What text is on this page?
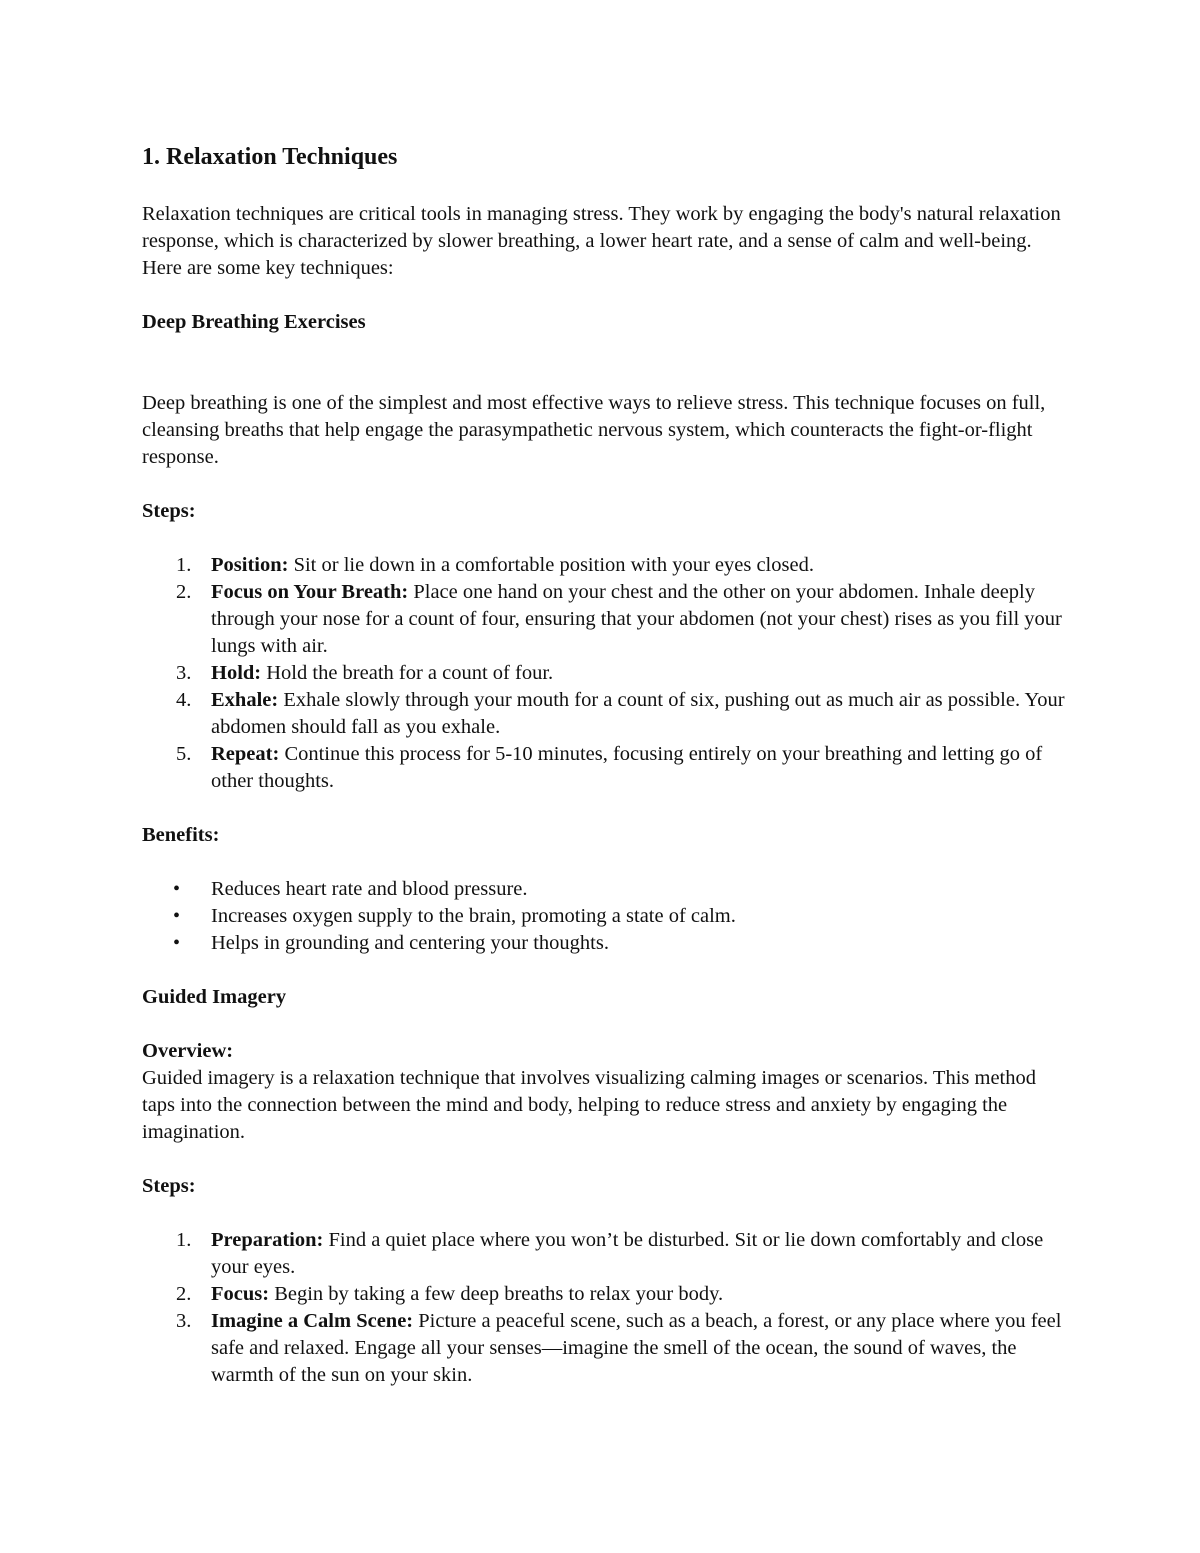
1. Relaxation Techniques

Relaxation techniques are critical tools in managing stress. They work by engaging the body's natural relaxation response, which is characterized by slower breathing, a lower heart rate, and a sense of calm and well-being. Here are some key techniques:

Deep Breathing Exercises

Deep breathing is one of the simplest and most effective ways to relieve stress. This technique focuses on full, cleansing breaths that help engage the parasympathetic nervous system, which counteracts the fight-or-flight response.

Steps:
1. Position: Sit or lie down in a comfortable position with your eyes closed.
2. Focus on Your Breath: Place one hand on your chest and the other on your abdomen. Inhale deeply through your nose for a count of four, ensuring that your abdomen (not your chest) rises as you fill your lungs with air.
3. Hold: Hold the breath for a count of four.
4. Exhale: Exhale slowly through your mouth for a count of six, pushing out as much air as possible. Your abdomen should fall as you exhale.
5. Repeat: Continue this process for 5-10 minutes, focusing entirely on your breathing and letting go of other thoughts.
Benefits:
• Reduces heart rate and blood pressure.
• Increases oxygen supply to the brain, promoting a state of calm.
• Helps in grounding and centering your thoughts.
Guided Imagery
Overview:

Guided imagery is a relaxation technique that involves visualizing calming images or scenarios. This method taps into the connection between the mind and body, helping to reduce stress and anxiety by engaging the imagination.

Steps:
1. Preparation: Find a quiet place where you won’t be disturbed. Sit or lie down comfortably and close your eyes.
2. Focus: Begin by taking a few deep breaths to relax your body.
3. Imagine a Calm Scene: Picture a peaceful scene, such as a beach, a forest, or any place where you feel safe and relaxed. Engage all your senses—imagine the smell of the ocean, the sound of waves, the warmth of the sun on your skin.
